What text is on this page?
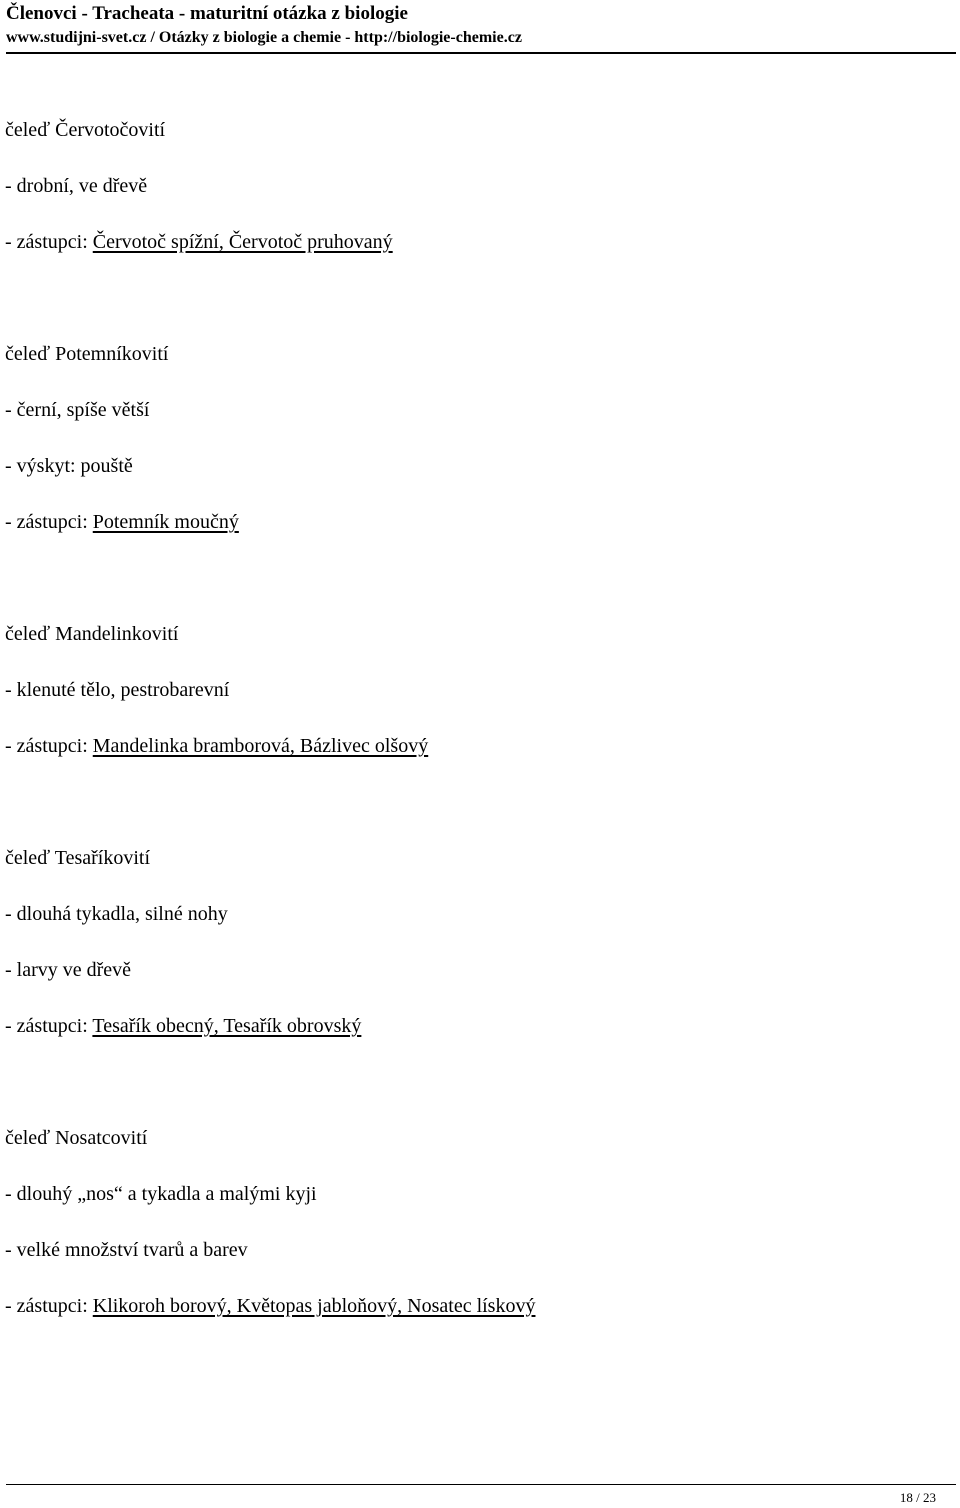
Členovci - Tracheata - maturitní otázka z biologie
www.studijni-svet.cz / Otázky z biologie a chemie - http://biologie-chemie.cz
čeleď Červotočovití
- drobní, ve dřevě
- zástupci: Červotoč spížní, Červotoč pruhovaný
čeleď Potemníkovití
- černí, spíše větší
- výskyt: pouště
- zástupci: Potemník moučný
čeleď Mandelinkovití
- klenuté tělo, pestrobarevní
- zástupci: Mandelinka bramborová, Bázlivec olšový
čeleď Tesaříkovití
- dlouhá tykadla, silné nohy
- larvy ve dřevě
- zástupci: Tesařík obecný, Tesařík obrovský
čeleď Nosatcovití
- dlouhý „nos“ a tykadla a malými kyji
- velké množství tvarů a barev
- zástupci: Klikoroh borový, Květopas jabloňový, Nosatec lískový
18 / 23
